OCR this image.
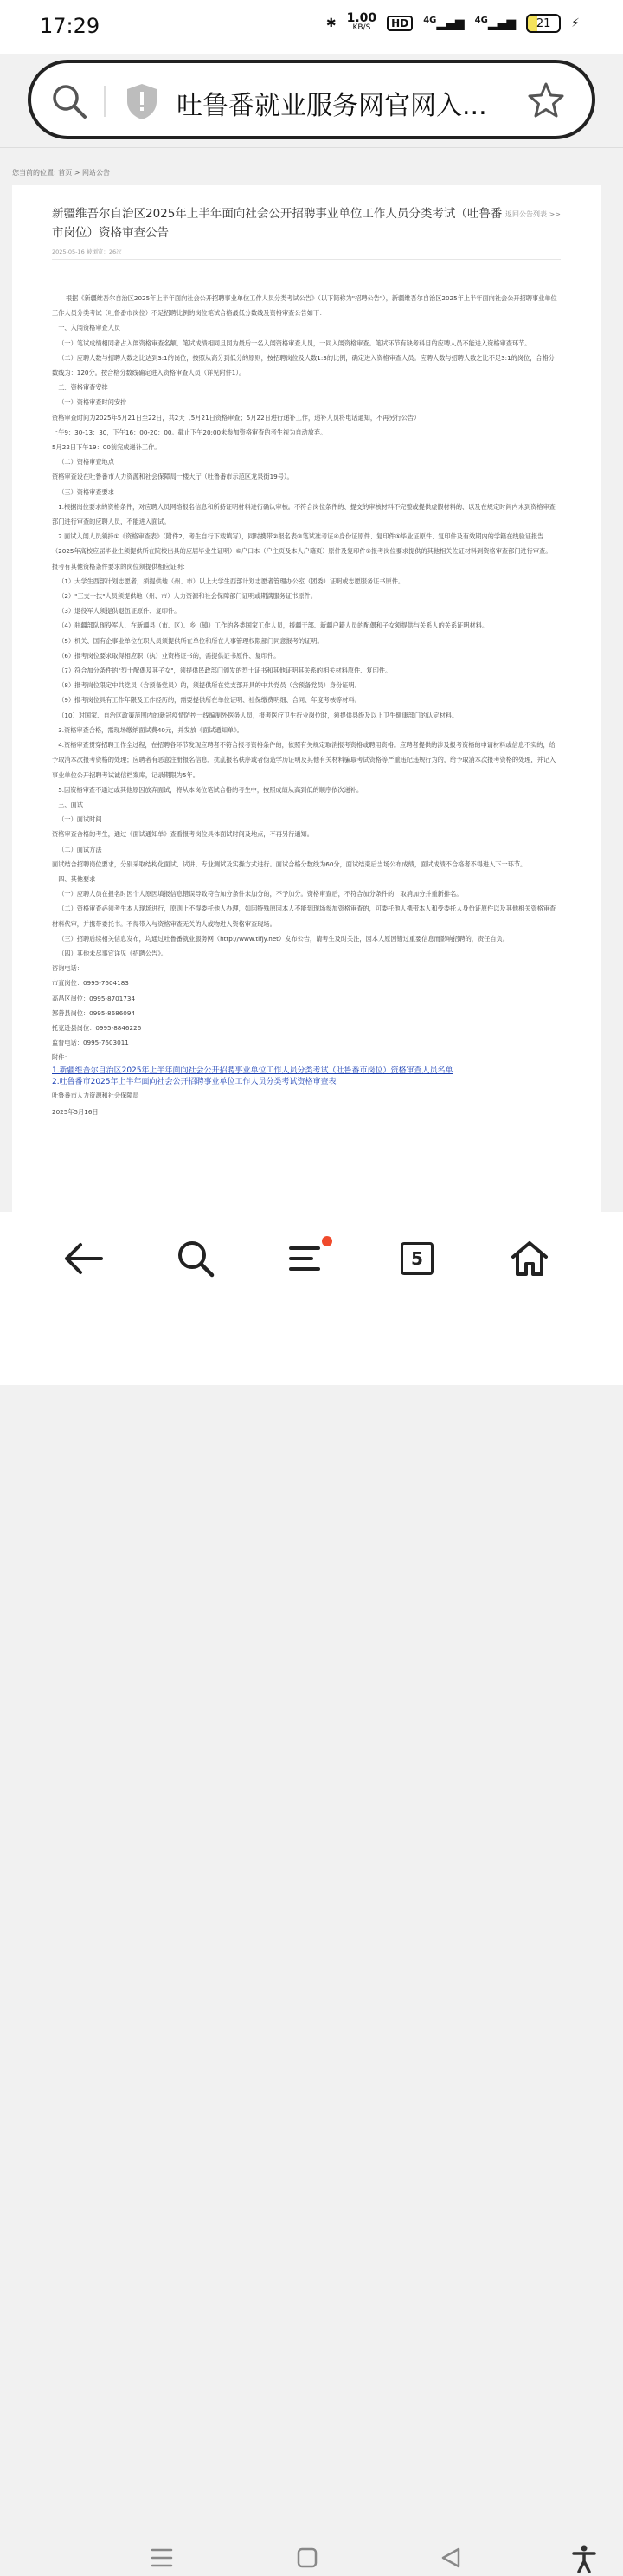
17:29	✱ 1.00
KB/S	HD	$^{4G}$▂▄▆ $^{4G}$▂▄▆	21	⚡
吐鲁番就业服务网官网入...
您当前的位置: 首页 > 网站公告
新疆维吾尔自治区2025年上半年面向社会公开招聘事业单位工作人员分类考试（吐鲁番市岗位）资格审查公告
返回公告列表 >>
2025-05-16 被浏览：26次

根据《新疆维吾尔自治区2025年上半年面向社会公开招聘事业单位工作人员分类考试公告》（以下简称为"招聘公告"），新疆维吾尔自治区2025年上半年面向社会公开招聘事业单位工作人员分类考试（吐鲁番市岗位）不足招聘比例的岗位笔试合格最低分数线及资格审查公告如下：

一、入闱资格审查人员

（一）笔试成绩相同者占入闱资格审查名额，笔试成绩相同且同为最后一名入闱资格审查人员，一同入闱资格审查。笔试环节有缺考科目的应聘人员不能进入资格审查环节。

（二）应聘人数与招聘人数之比达到3:1的岗位，按照从高分到低分的原则，按招聘岗位及人数1:3的比例，确定进入资格审查人员。应聘人数与招聘人数之比不足3:1的岗位，合格分数线为：120分。按合格分数线确定进入资格审查人员（详见附件1）。

二、资格审查安排

（一）资格审查时间安排

资格审查时间为2025年5月21日至22日，共2天（5月21日资格审查；5月22日进行递补工作，递补人员将电话通知，不再另行公告）

上午9：30-13：30，下午16：00-20：00。截止下午20:00未参加资格审查的考生视为自动放弃。

5月22日下午19：00前完成递补工作。

（二）资格审查地点

资格审查设在吐鲁番市人力资源和社会保障局一楼大厅（吐鲁番市示范区龙泉街19号）。

（三）资格审查要求

1.根据岗位要求的资格条件，对应聘人员网络报名信息和所持证明材料进行确认审核。不符合岗位条件的、提交的审核材料不完整或提供虚假材料的、以及在规定时间内未到资格审查部门进行审查的应聘人员，不能进入面试。

2.面试入闱人员须持①《资格审查表》（附件2，考生自行下载填写），同时携带②报名表③笔试准考证④身份证原件、复印件⑤毕业证原件、复印件及有效期内的学籍在线验证报告（2025年高校应届毕业生须提供所在院校出具的应届毕业生证明）⑥户口本（户主页及本人户籍页）原件及复印件⑦报考岗位要求提供的其他相关佐证材料到资格审查部门进行审查。

报考有其他资格条件要求的岗位须提供相应证明：

（1）大学生西部计划志愿者，须提供地（州、市）以上大学生西部计划志愿者管理办公室（团委）证明或志愿服务证书原件。

（2）"三支一扶"人员须提供地（州、市）人力资源和社会保障部门证明或期满服务证书原件。

（3）退役军人须提供退伍证原件、复印件。

（4）驻疆部队现役军人、在新疆县（市、区）、乡（镇）工作的各类国家工作人员，援疆干部、新疆户籍人员的配偶和子女须提供与关系人的关系证明材料。

（5）机关、国有企事业单位在职人员须提供所在单位和所在人事管理权限部门同意报考的证明。

（6）报考岗位要求取得相应职（执）业资格证书的，需提供证书原件、复印件。

（7）符合加分条件的"烈士配偶及其子女"，须提供民政部门颁发的烈士证书和其他证明其关系的相关材料原件、复印件。

（8）报考岗位限定中共党员（含预备党员）的，须提供所在党支部开具的中共党员（含预备党员）身份证明。

（9）报考岗位具有工作年限及工作经历的，需要提供所在单位证明、社保缴费明细、合同、年度考核等材料。

（10）对国家、自治区政策范围内的新冠疫情防控一线编制外医务人员，报考医疗卫生行业岗位时，须提供县级及以上卫生健康部门的认定材料。

3.资格审查合格，需现场缴纳面试费40元，并发放《面试通知单》。

4.资格审查贯穿招聘工作全过程，在招聘各环节发现应聘者不符合报考资格条件的，依照有关规定取消报考资格或聘用资格。应聘者提供的涉及报考资格的申请材料或信息不实的，给予取消本次报考资格的处理；应聘者有恶意注册报名信息，扰乱报名秩序或者伪造学历证明及其他有关材料骗取考试资格等严重违纪违规行为的，给予取消本次报考资格的处理，并记入事业单位公开招聘考试诚信档案库，记录期限为5年。

5.因资格审查不通过或其他原因放弃面试，将从本岗位笔试合格的考生中，按照成绩从高到低的顺序依次递补。

三、面试

（一）面试时间

资格审查合格的考生，通过《面试通知单》查看报考岗位具体面试时间及地点，不再另行通知。

（二）面试方法

面试结合招聘岗位要求，分别采取结构化面试、试讲、专业测试及实操方式进行。面试合格分数线为60分，面试结束后当场公布成绩，面试成绩不合格者不得进入下一环节。

四、其他要求

（一）应聘人员在报名时因个人原因填报信息错误导致符合加分条件未加分的，不予加分。资格审查后，不符合加分条件的，取消加分并重新排名。

（二）资格审查必须考生本人现场进行，原则上不得委托他人办理，如因特殊原因本人不能到现场参加资格审查的，可委托他人携带本人和受委托人身份证原件以及其他相关资格审查材料代审，并携带委托书。不得带入与资格审查无关的人或物进入资格审查现场。

（三）招聘后续相关信息发布，均通过吐鲁番就业服务网（http://www.tlfjy.net）发布公告，请考生及时关注，因本人原因错过重要信息而影响招聘的，责任自负。

（四）其他未尽事宜详见《招聘公告》。

咨询电话：

市直岗位：0995-7604183

高昌区岗位：0995-8701734

鄯善县岗位：0995-8686094

托克逊县岗位：0995-8846226

监督电话：0995-7603011

附件：

1.新疆维吾尔自治区2025年上半年面向社会公开招聘事业单位工作人员分类考试（吐鲁番市岗位）资格审查人员名单
2.吐鲁番市2025年上半年面向社会公开招聘事业单位工作人员分类考试资格审查表

吐鲁番市人力资源和社会保障局

2025年5月16日

5
